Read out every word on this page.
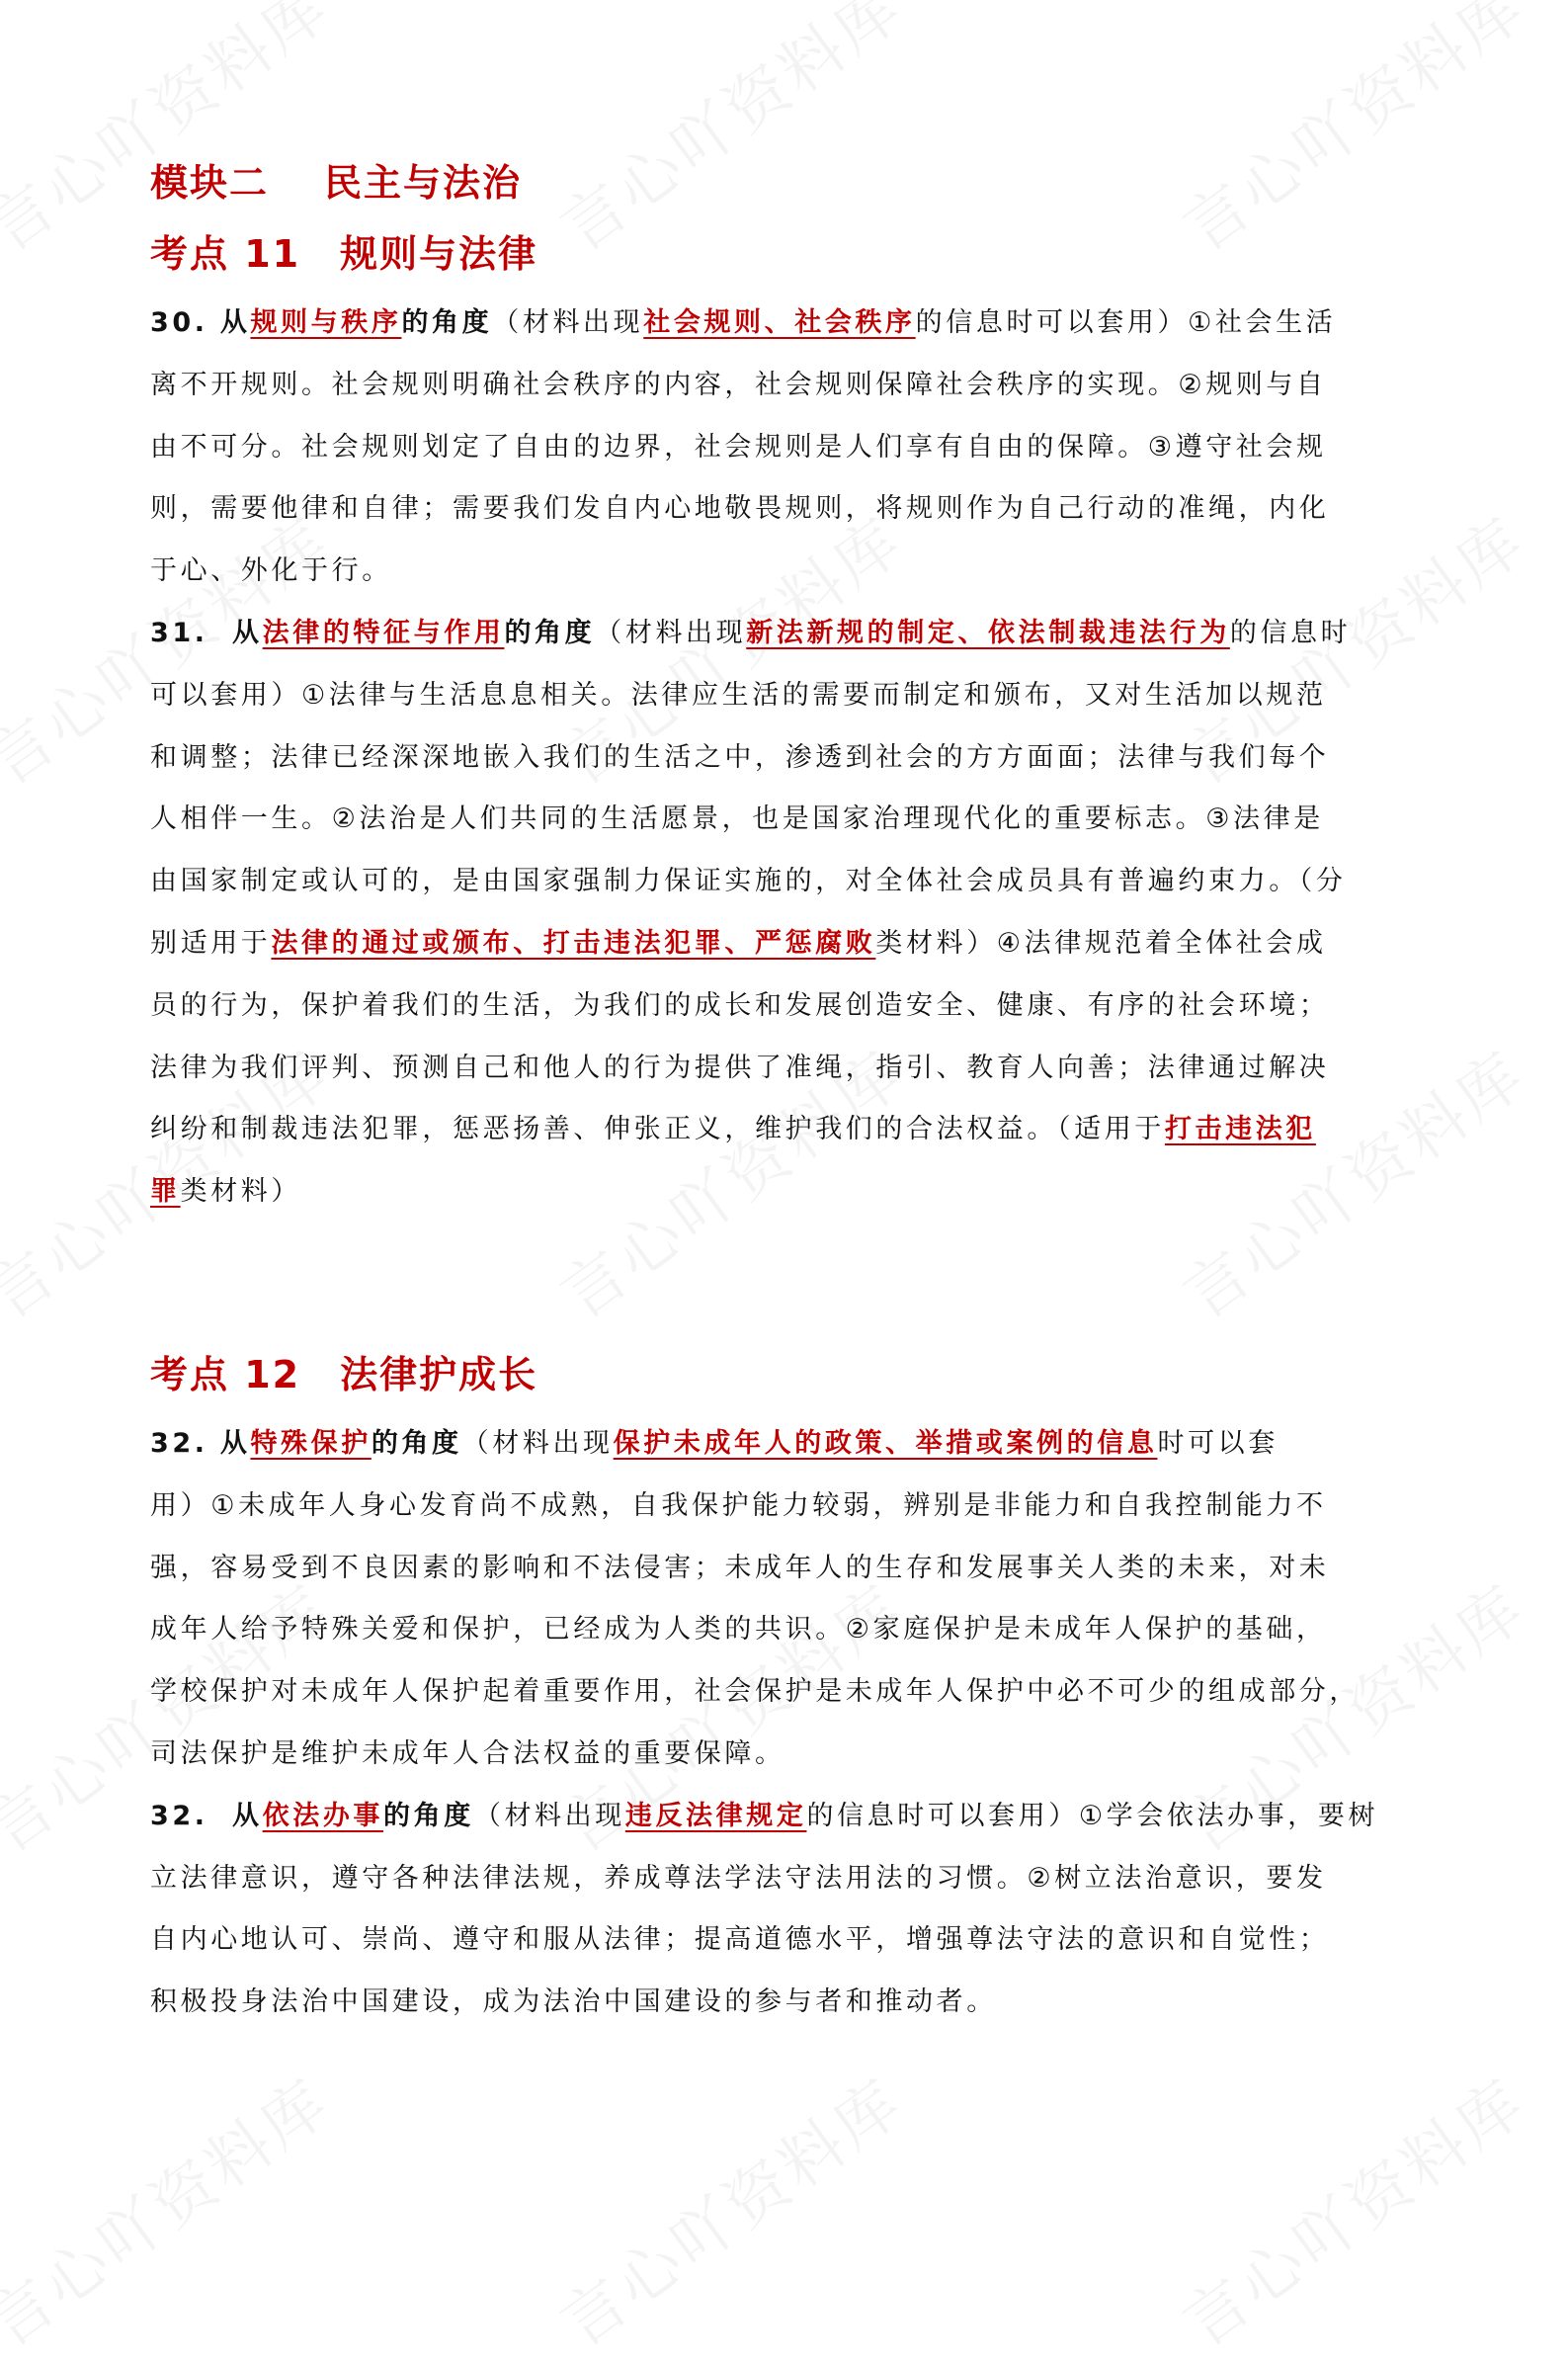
模块二 民主与法治
考点 11 规则与法律

30. 从规则与秩序的角度（材料出现社会规则、社会秩序的信息时可以套用）①社会生活
离不开规则。社会规则明确社会秩序的内容，社会规则保障社会秩序的实现。②规则与自
由不可分。社会规则划定了自由的边界，社会规则是人们享有自由的保障。③遵守社会规
则，需要他律和自律；需要我们发自内心地敬畏规则，将规则作为自己行动的准绳，内化
于心、外化于行。

31. 从法律的特征与作用的角度（材料出现新法新规的制定、依法制裁违法行为的信息时
可以套用）①法律与生活息息相关。法律应生活的需要而制定和颁布，又对生活加以规范
和调整；法律已经深深地嵌入我们的生活之中，渗透到社会的方方面面；法律与我们每个
人相伴一生。②法治是人们共同的生活愿景，也是国家治理现代化的重要标志。③法律是
由国家制定或认可的，是由国家强制力保证实施的，对全体社会成员具有普遍约束力。（分
别适用于法律的通过或颁布、打击违法犯罪、严惩腐败类材料）④法律规范着全体社会成
员的行为，保护着我们的生活，为我们的成长和发展创造安全、健康、有序的社会环境；
法律为我们评判、预测自己和他人的行为提供了准绳，指引、教育人向善；法律通过解决
纠纷和制裁违法犯罪，惩恶扬善、伸张正义，维护我们的合法权益。（适用于打击违法犯
罪类材料）

考点 12 法律护成长

32. 从特殊保护的角度（材料出现保护未成年人的政策、举措或案例的信息时可以套
用）①未成年人身心发育尚不成熟，自我保护能力较弱，辨别是非能力和自我控制能力不
强，容易受到不良因素的影响和不法侵害；未成年人的生存和发展事关人类的未来，对未
成年人给予特殊关爱和保护，已经成为人类的共识。②家庭保护是未成年人保护的基础，
学校保护对未成年人保护起着重要作用，社会保护是未成年人保护中必不可少的组成部分，
司法保护是维护未成年人合法权益的重要保障。

32. 从依法办事的角度（材料出现违反法律规定的信息时可以套用）①学会依法办事，要树
立法律意识，遵守各种法律法规，养成尊法学法守法用法的习惯。②树立法治意识，要发
自内心地认可、崇尚、遵守和服从法律；提高道德水平，增强尊法守法的意识和自觉性；
积极投身法治中国建设，成为法治中国建设的参与者和推动者。
